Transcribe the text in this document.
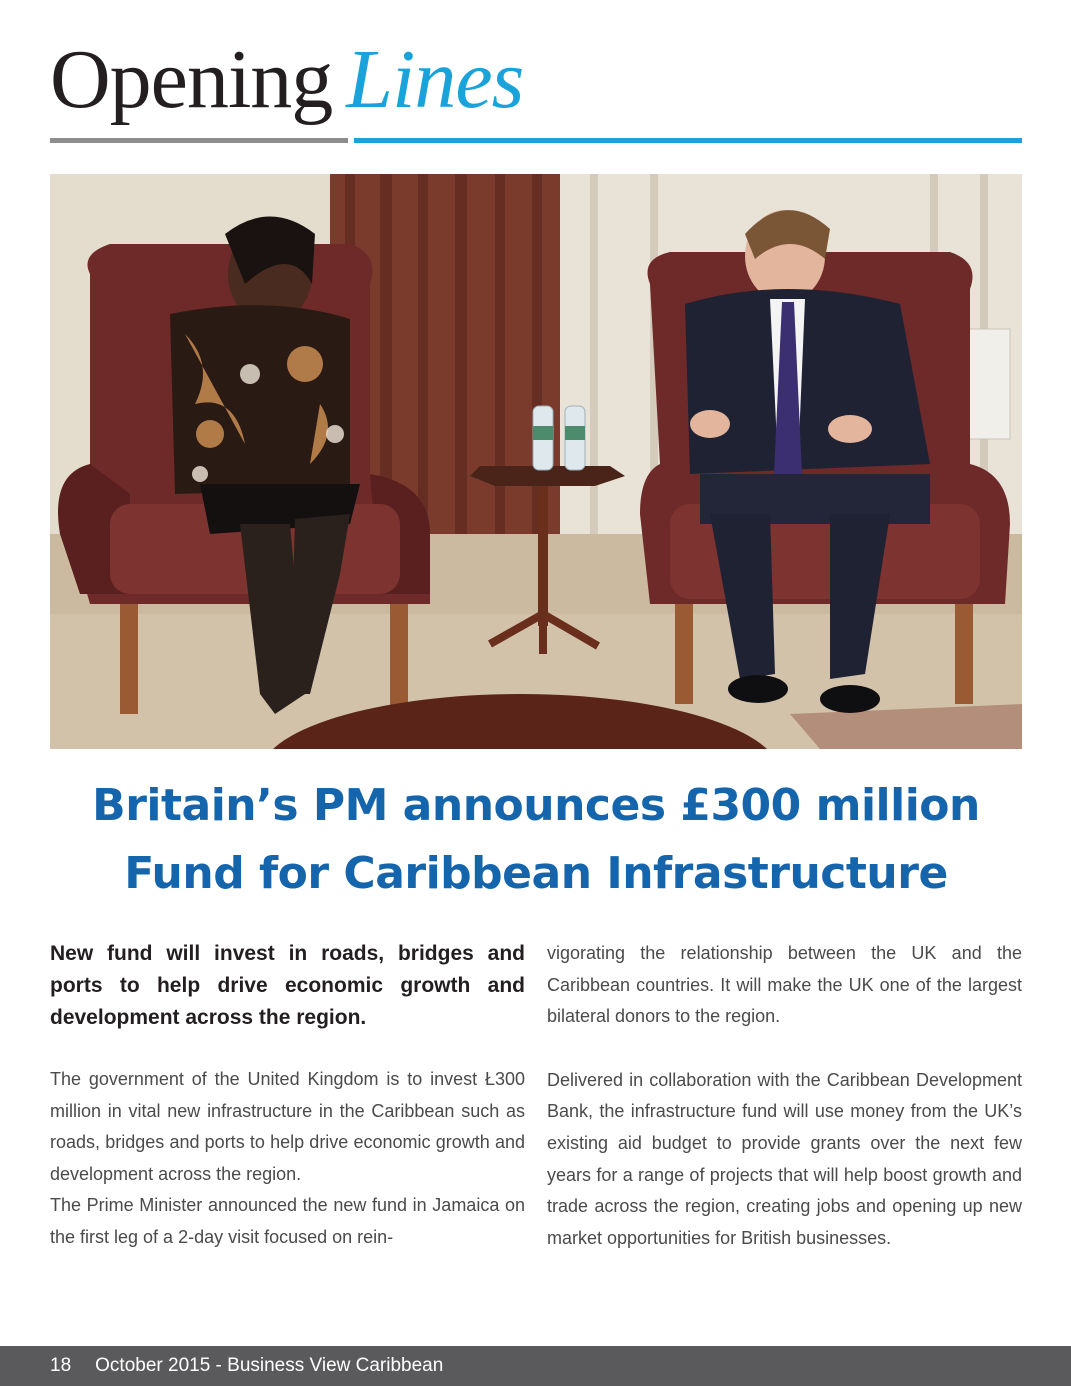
Opening Lines
Britain’s PM announces £300 million
Fund for Caribbean Infrastructure

New fund will invest in roads, bridges and ports to help drive economic growth and development across the region.

The government of the United Kingdom is to invest Ł300 million in vital new infrastructure in the Caribbean such as roads, bridges and ports to help drive economic growth and development across the region.

The Prime Minister announced the new fund in Jamaica on the first leg of a 2-day visit focused on rein-

vigorating the relationship between the UK and the Caribbean countries. It will make the UK one of the largest bilateral donors to the region.

Delivered in collaboration with the Caribbean Development Bank, the infrastructure fund will use money from the UK’s existing aid budget to provide grants over the next few years for a range of projects that will help boost growth and trade across the region, creating jobs and opening up new market opportunities for British businesses.

18 October 2015 - Business View Caribbean
